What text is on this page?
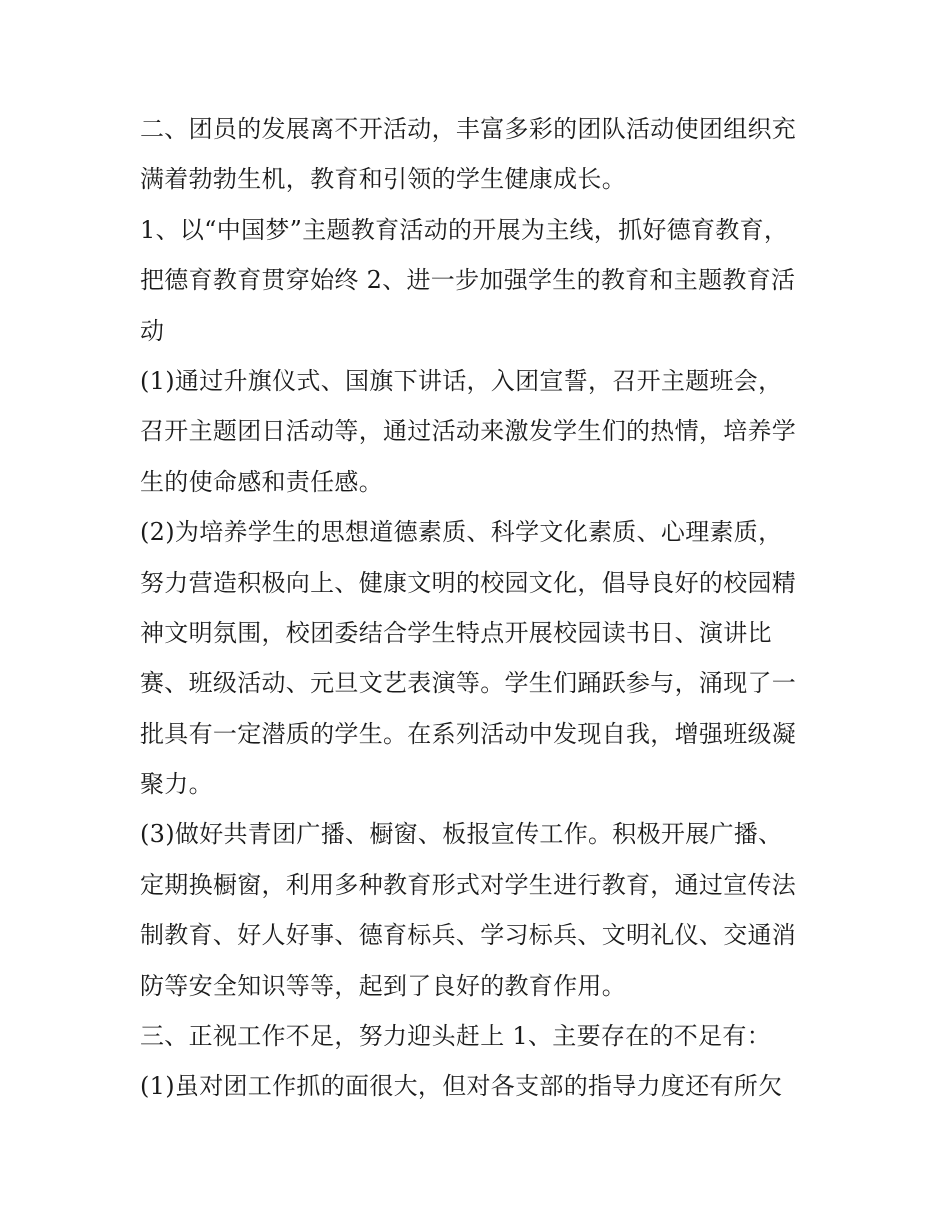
二、团员的发展离不开活动，丰富多彩的团队活动使团组织充
满着勃勃生机，教育和引领的学生健康成长。
1、以“中国梦”主题教育活动的开展为主线，抓好德育教育，
把德育教育贯穿始终 2、进一步加强学生的教育和主题教育活
动
(1)通过升旗仪式、国旗下讲话，入团宣誓，召开主题班会，
召开主题团日活动等，通过活动来激发学生们的热情，培养学
生的使命感和责任感。
(2)为培养学生的思想道德素质、科学文化素质、心理素质，
努力营造积极向上、健康文明的校园文化，倡导良好的校园精
神文明氛围，校团委结合学生特点开展校园读书日、演讲比
赛、班级活动、元旦文艺表演等。学生们踊跃参与，涌现了一
批具有一定潜质的学生。在系列活动中发现自我，增强班级凝
聚力。
(3)做好共青团广播、橱窗、板报宣传工作。积极开展广播、
定期换橱窗，利用多种教育形式对学生进行教育，通过宣传法
制教育、好人好事、德育标兵、学习标兵、文明礼仪、交通消
防等安全知识等等，起到了良好的教育作用。
三、正视工作不足，努力迎头赶上 1、主要存在的不足有：
(1)虽对团工作抓的面很大，但对各支部的指导力度还有所欠
